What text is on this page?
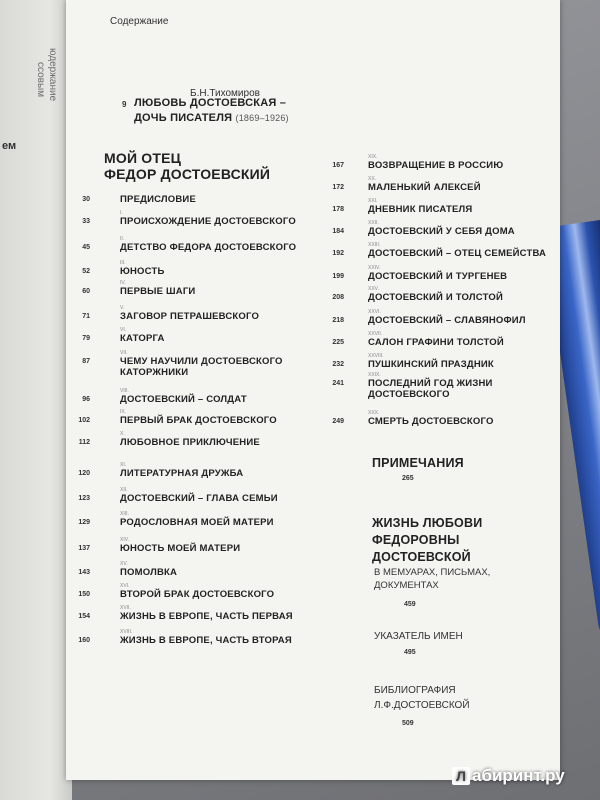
юдержание
ссовым
ем
Содержание
Б.Н.Тихомиров
9 ЛЮБОВЬ ДОСТОЕВСКАЯ –
ДОЧЬ ПИСАТЕЛЯ (1869–1926)
МОЙ ОТЕЦ
ФЕДОР ДОСТОЕВСКИЙ
30	ПРЕДИСЛОВИЕ
33
I.
ПРОИСХОЖДЕНИЕ ДОСТОЕВСКОГО
45
II.
ДЕТСТВО ФЕДОРА ДОСТОЕВСКОГО
52
III.
ЮНОСТЬ
60
IV.
ПЕРВЫЕ ШАГИ
71
V.
ЗАГОВОР ПЕТРАШЕВСКОГО
79
VI.
КАТОРГА
87
VII.
ЧЕМУ НАУЧИЛИ ДОСТОЕВСКОГО
КАТОРЖНИКИ
96
VIII.
ДОСТОЕВСКИЙ – СОЛДАТ
102
IX.
ПЕРВЫЙ БРАК ДОСТОЕВСКОГО
112
X.
ЛЮБОВНОЕ ПРИКЛЮЧЕНИЕ
120
XI.
ЛИТЕРАТУРНАЯ ДРУЖБА
123
XII.
ДОСТОЕВСКИЙ – ГЛАВА СЕМЬИ
129
XIII.
РОДОСЛОВНАЯ МОЕЙ МАТЕРИ
137
XIV.
ЮНОСТЬ МОЕЙ МАТЕРИ
143
XV.
ПОМОЛВКА
150
XVI.
ВТОРОЙ БРАК ДОСТОЕВСКОГО
154
XVII.
ЖИЗНЬ В ЕВРОПЕ, ЧАСТЬ ПЕРВАЯ
160
XVIII.
ЖИЗНЬ В ЕВРОПЕ, ЧАСТЬ ВТОРАЯ
167
XIX.
ВОЗВРАЩЕНИЕ В РОССИЮ
172
XX.
МАЛЕНЬКИЙ АЛЕКСЕЙ
178
XXI.
ДНЕВНИК ПИСАТЕЛЯ
184
XXII.
ДОСТОЕВСКИЙ У СЕБЯ ДОМА
192
XXIII.
ДОСТОЕВСКИЙ – ОТЕЦ СЕМЕЙСТВА
199
XXIV.
ДОСТОЕВСКИЙ И ТУРГЕНЕВ
208
XXV.
ДОСТОЕВСКИЙ И ТОЛСТОЙ
218
XXVI.
ДОСТОЕВСКИЙ – СЛАВЯНОФИЛ
225
XXVII.
САЛОН ГРАФИНИ ТОЛСТОЙ
232
XXVIII.
ПУШКИНСКИЙ ПРАЗДНИК
241
XXIX.
ПОСЛЕДНИЙ ГОД ЖИЗНИ
ДОСТОЕВСКОГО
249
XXX.
СМЕРТЬ ДОСТОЕВСКОГО
ПРИМЕЧАНИЯ
265
ЖИЗНЬ ЛЮБОВИ
ФЕДОРОВНЫ
ДОСТОЕВСКОЙ
В МЕМУАРАХ, ПИСЬМАХ,
ДОКУМЕНТАХ
459
УКАЗАТЕЛЬ ИМЕН
495
БИБЛИОГРАФИЯ
Л.Ф.ДОСТОЕВСКОЙ
509
Л абиринт.ру
